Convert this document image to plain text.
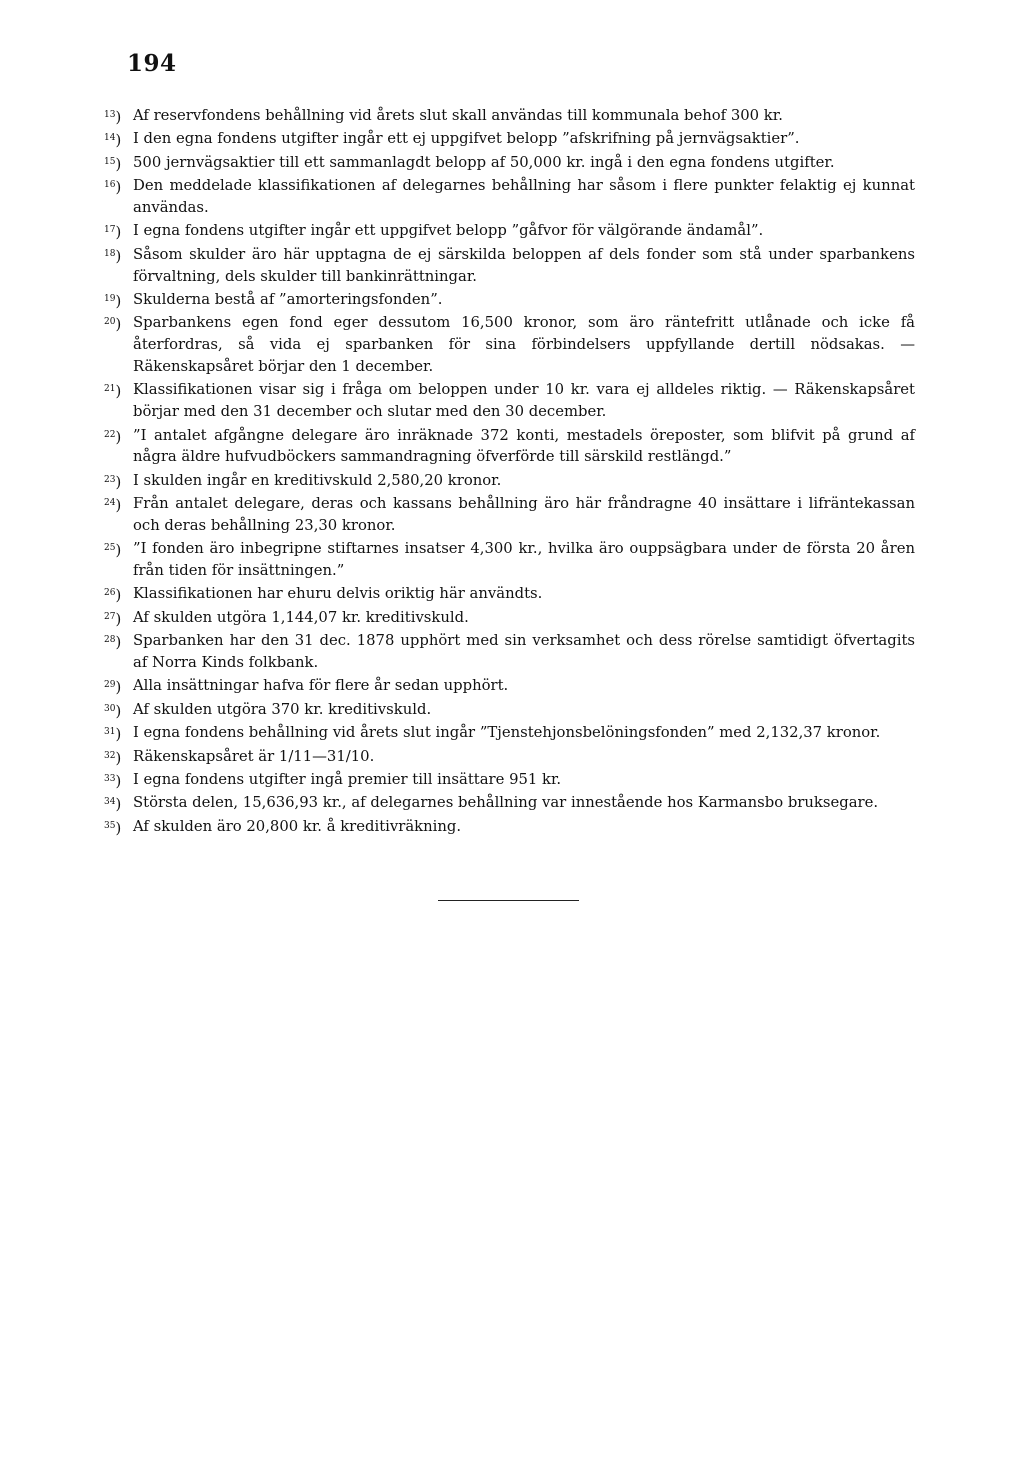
194
$^{13}$) Af reservfondens behållning vid årets slut skall användas till kommunala behof 300 kr.
$^{14}$) I den egna fondens utgifter ingår ett ej uppgifvet belopp ”afskrifning på jernvägsaktier”.
$^{15}$) 500 jernvägsaktier till ett sammanlagdt belopp af 50,000 kr. ingå i den egna fondens utgifter.
$^{16}$) Den meddelade klassifikationen af delegarnes behållning har såsom i flere punkter felaktig ej kunnat användas.
$^{17}$) I egna fondens utgifter ingår ett uppgifvet belopp ”gåfvor för välgörande ändamål”.
$^{18}$) Såsom skulder äro här upptagna de ej särskilda beloppen af dels fonder som stå under sparbankens förvaltning, dels skulder till bankinrättningar.
$^{19}$) Skulderna bestå af ”amorteringsfonden”.
$^{20}$) Sparbankens egen fond eger dessutom 16,500 kronor, som äro räntefritt utlånade och icke få återfordras, så vida ej sparbanken för sina förbindelsers uppfyllande dertill nödsakas. — Räkenskapsåret börjar den 1 december.
$^{21}$) Klassifikationen visar sig i fråga om beloppen under 10 kr. vara ej alldeles riktig. — Räkenskapsåret börjar med den 31 december och slutar med den 30 december.
$^{22}$) ”I antalet afgångne delegare äro inräknade 372 konti, mestadels öreposter, som blifvit på grund af några äldre hufvudböckers sammandragning öfverförde till särskild restlängd.”
$^{23}$) I skulden ingår en kreditivskuld 2,580,20 kronor.
$^{24}$) Från antalet delegare, deras och kassans behållning äro här fråndragne 40 insättare i lifräntekassan och deras behållning 23,30 kronor.
$^{25}$) ”I fonden äro inbegripne stiftarnes insatser 4,300 kr., hvilka äro ouppsägbara under de första 20 åren från tiden för insättningen.”
$^{26}$) Klassifikationen har ehuru delvis oriktig här användts.
$^{27}$) Af skulden utgöra 1,144,07 kr. kreditivskuld.
$^{28}$) Sparbanken har den 31 dec. 1878 upphört med sin verksamhet och dess rörelse samtidigt öfvertagits af Norra Kinds folkbank.
$^{29}$) Alla insättningar hafva för flere år sedan upphört.
$^{30}$) Af skulden utgöra 370 kr. kreditivskuld.
$^{31}$) I egna fondens behållning vid årets slut ingår ”Tjenstehjonsbelöningsfonden” med 2,132,37 kronor.
$^{32}$) Räkenskapsåret är 1/11—31/10.
$^{33}$) I egna fondens utgifter ingå premier till insättare 951 kr.
$^{34}$) Största delen, 15,636,93 kr., af delegarnes behållning var innestående hos Karmansbo bruksegare.
$^{35}$) Af skulden äro 20,800 kr. å kreditivräkning.
